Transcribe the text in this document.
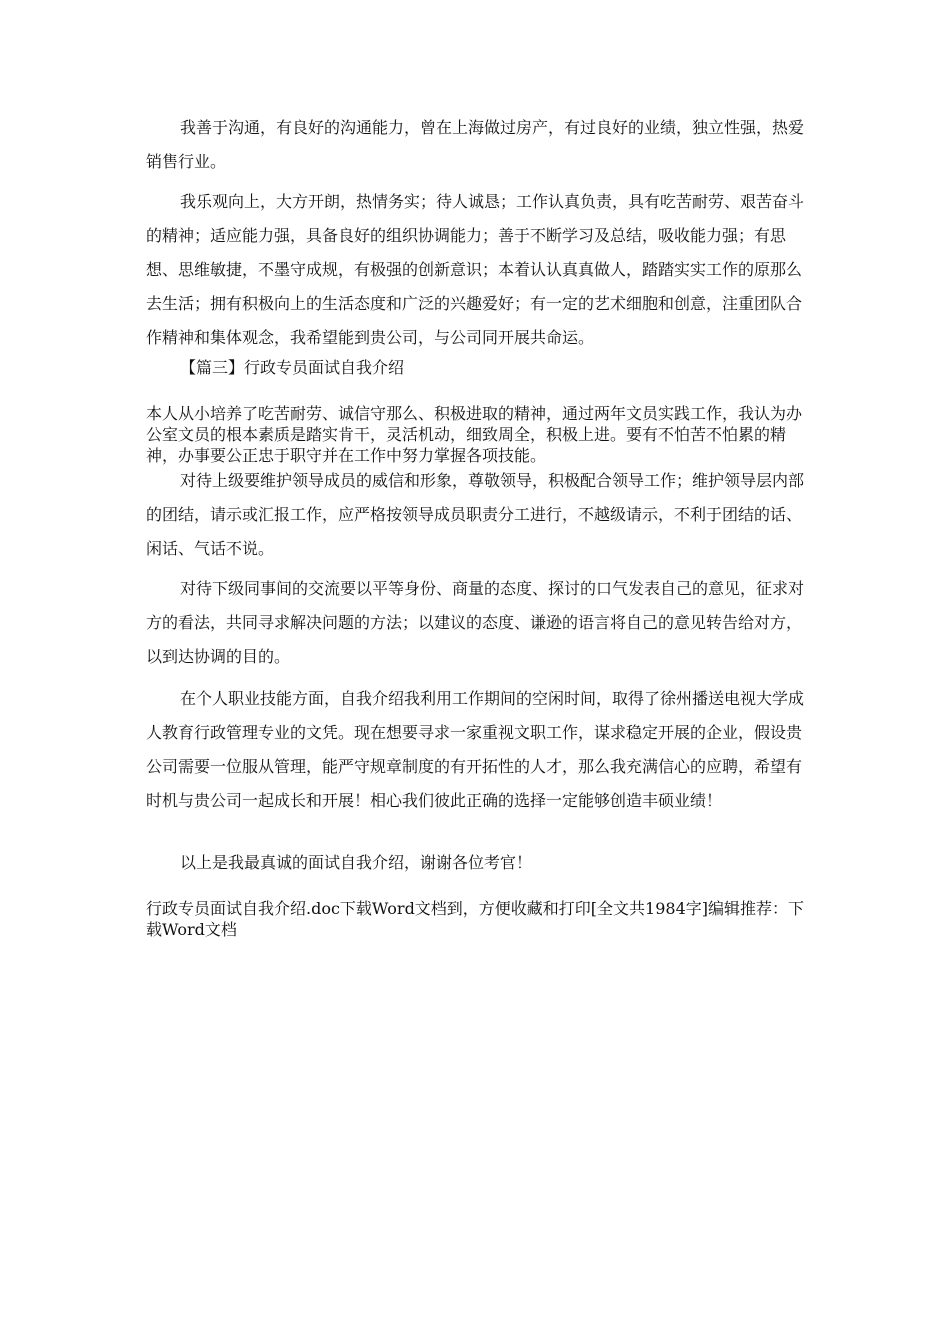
我善于沟通，有良好的沟通能力，曾在上海做过房产，有过良好的业绩，独立性强，热爱销售行业。

我乐观向上，大方开朗，热情务实；待人诚恳；工作认真负责，具有吃苦耐劳、艰苦奋斗的精神；适应能力强，具备良好的组织协调能力；善于不断学习及总结，吸收能力强；有思想、思维敏捷，不墨守成规，有极强的创新意识；本着认认真真做人，踏踏实实工作的原那么去生活；拥有积极向上的生活态度和广泛的兴趣爱好；有一定的艺术细胞和创意，注重团队合作精神和集体观念，我希望能到贵公司，与公司同开展共命运。

【篇三】行政专员面试自我介绍

本人从小培养了吃苦耐劳、诚信守那么、积极进取的精神，通过两年文员实践工作，我认为办公室文员的根本素质是踏实肯干，灵活机动，细致周全，积极上进。要有不怕苦不怕累的精神，办事要公正忠于职守并在工作中努力掌握各项技能。

对待上级要维护领导成员的威信和形象，尊敬领导，积极配合领导工作；维护领导层内部的团结，请示或汇报工作，应严格按领导成员职责分工进行，不越级请示，不利于团结的话、闲话、气话不说。

对待下级同事间的交流要以平等身份、商量的态度、探讨的口气发表自己的意见，征求对方的看法，共同寻求解决问题的方法；以建议的态度、谦逊的语言将自己的意见转告给对方，以到达协调的目的。

在个人职业技能方面，自我介绍我利用工作期间的空闲时间，取得了徐州播送电视大学成人教育行政管理专业的文凭。现在想要寻求一家重视文职工作，谋求稳定开展的企业，假设贵公司需要一位服从管理，能严守规章制度的有开拓性的人才，那么我充满信心的应聘，希望有时机与贵公司一起成长和开展！相心我们彼此正确的选择一定能够创造丰硕业绩！

以上是我最真诚的面试自我介绍，谢谢各位考官！

行政专员面试自我介绍.doc下载Word文档到，方便收藏和打印[全文共1984字]编辑推荐：下载Word文档
